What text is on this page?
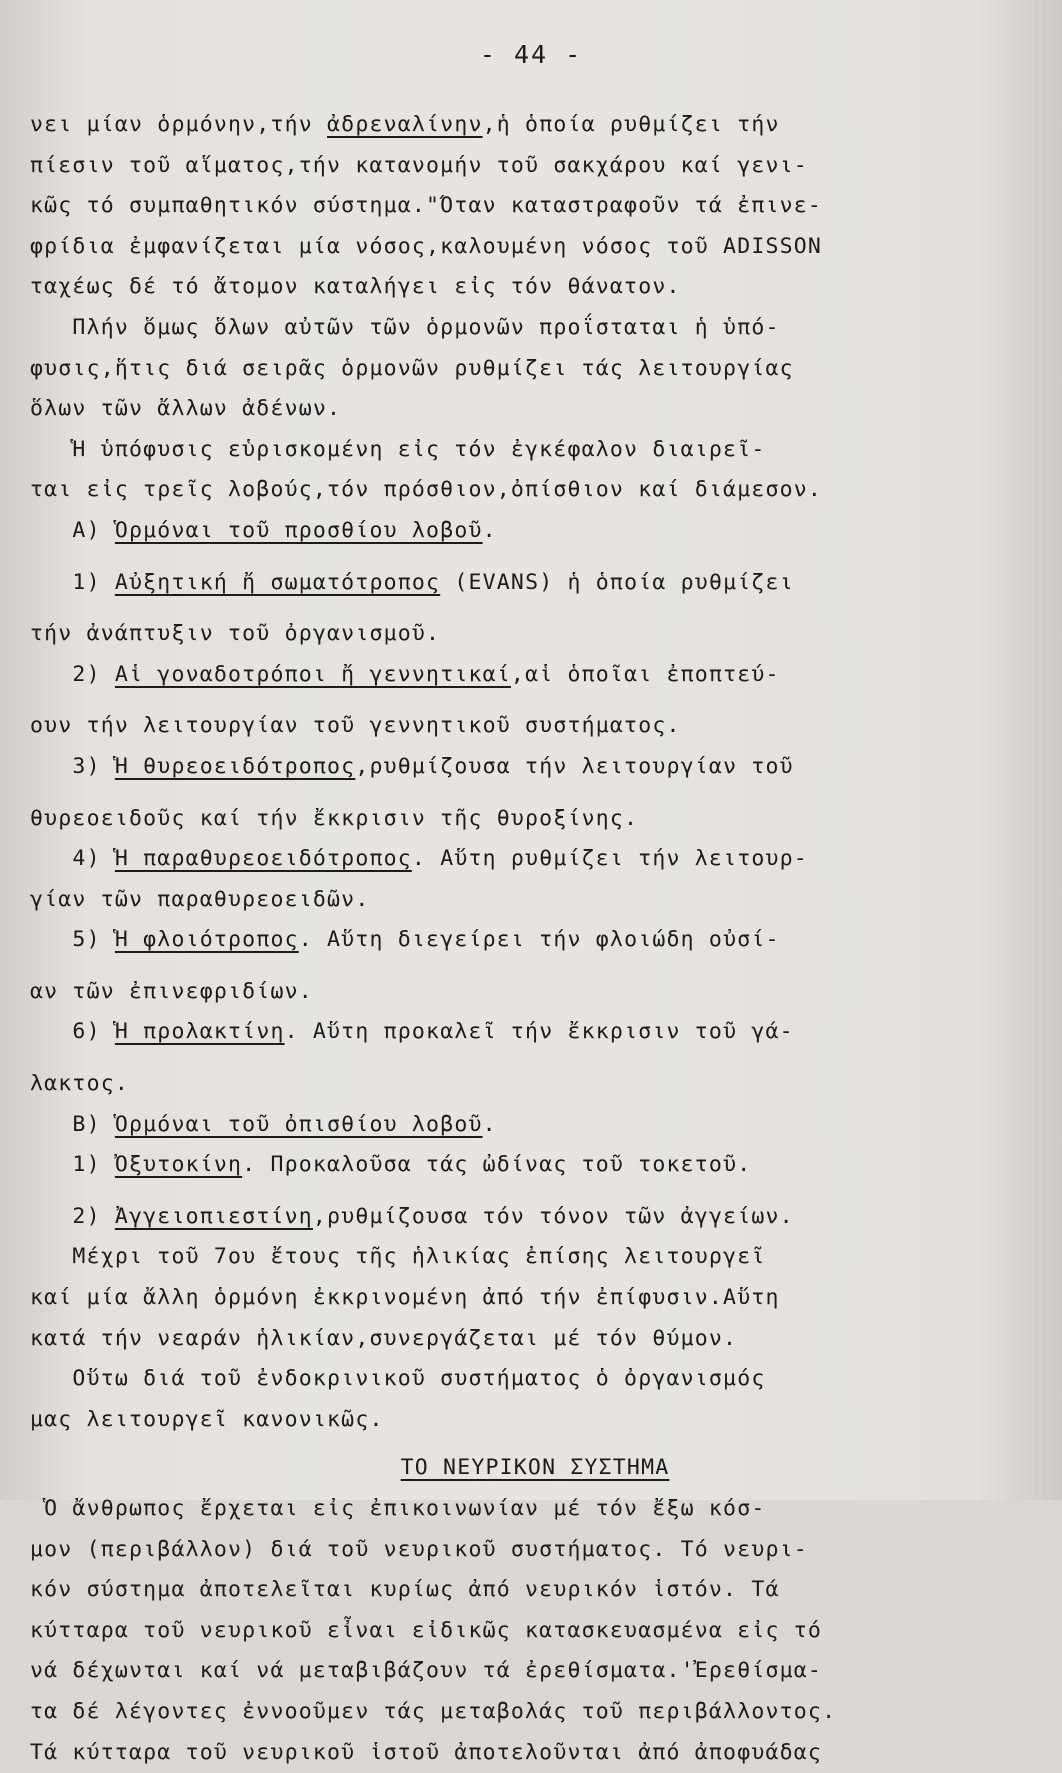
- 44 -
νει μίαν ὁρμόνην,τήν ἀδρεναλίνην,ἡ ὁποία ρυθμίζει τήν
πίεσιν τοῦ αἵματος,τήν κατανομήν τοῦ σακχάρου καί γενι-
κῶς τό συμπαθητικόν σύστημα."Όταν καταστραφοῦν τά ἐπινε-
φρίδια ἐμφανίζεται μία νόσος,καλουμένη νόσος τοῦ ADISSON
ταχέως δέ τό ἄτομον καταλήγει εἰς τόν θάνατον.
Πλήν ὅμως ὅλων αὐτῶν τῶν ὁρμονῶν προΐσταται ἡ ὑπό-
φυσις,ἥτις διά σειρᾶς ὁρμονῶν ρυθμίζει τάς λειτουργίας
ὅλων τῶν ἄλλων ἀδένων.
Ἡ ὑπόφυσις εὑρισκομένη εἰς τόν ἐγκέφαλον διαιρεῖ-
ται εἰς τρεῖς λοβούς,τόν πρόσθιον,ὀπίσθιον καί διάμεσον.
Α) Ὁρμόναι τοῦ προσθίου λοβοῦ.
1) Αὐξητική ἤ σωματότροπος (EVANS) ἡ ὁποία ρυθμίζει
τήν ἀνάπτυξιν τοῦ ὀργανισμοῦ.
2) Αἱ γοναδοτρόποι ἤ γεννητικαί,αἱ ὁποῖαι ἐποπτεύ-
ουν τήν λειτουργίαν τοῦ γεννητικοῦ συστήματος.
3) Ἡ θυρεοειδότροπος,ρυθμίζουσα τήν λειτουργίαν τοῦ
θυρεοειδοῦς καί τήν ἔκκρισιν τῆς θυροξίνης.
4) Ἡ παραθυρεοειδότροπος. Αὕτη ρυθμίζει τήν λειτουρ-
γίαν τῶν παραθυρεοειδῶν.
5) Ἡ φλοιότροπος. Αὕτη διεγείρει τήν φλοιώδη οὐσί-
αν τῶν ἐπινεφριδίων.
6) Ἡ προλακτίνη. Αὕτη προκαλεῖ τήν ἔκκρισιν τοῦ γά-
λακτος.
Β) Ὁρμόναι τοῦ ὀπισθίου λοβοῦ.
1) Ὀξυτοκίνη. Προκαλοῦσα τάς ὠδίνας τοῦ τοκετοῦ.
2) Ἀγγειοπιεστίνη,ρυθμίζουσα τόν τόνον τῶν ἀγγείων.
Μέχρι τοῦ 7ου ἔτους τῆς ἡλικίας ἐπίσης λειτουργεῖ
καί μία ἄλλη ὁρμόνη ἐκκρινομένη ἀπό τήν ἐπίφυσιν.Αὕτη
κατά τήν νεαράν ἡλικίαν,συνεργάζεται μέ τόν θύμον.
Οὕτω διά τοῦ ἐνδοκρινικοῦ συστήματος ὁ ὀργανισμός
μας λειτουργεῖ κανονικῶς.
ΤΟ ΝΕΥΡΙΚΟΝ ΣΥΣΤΗΜΑ
Ὁ ἄνθρωπος ἔρχεται εἰς ἐπικοινωνίαν μέ τόν ἔξω κόσ-
μον (περιβάλλον) διά τοῦ νευρικοῦ συστήματος. Τό νευρι-
κόν σύστημα ἀποτελεῖται κυρίως ἀπό νευρικόν ἱστόν. Τά
κύτταρα τοῦ νευρικοῦ εἶναι εἰδικῶς κατασκευασμένα εἰς τό
νά δέχωνται καί νά μεταβιβάζουν τά ἐρεθίσματα.'Ἐρεθίσμα-
τα δέ λέγοντες ἐννοοῦμεν τάς μεταβολάς τοῦ περιβάλλοντος.
Τά κύτταρα τοῦ νευρικοῦ ἱστοῦ ἀποτελοῦνται ἀπό ἀποφυάδας
